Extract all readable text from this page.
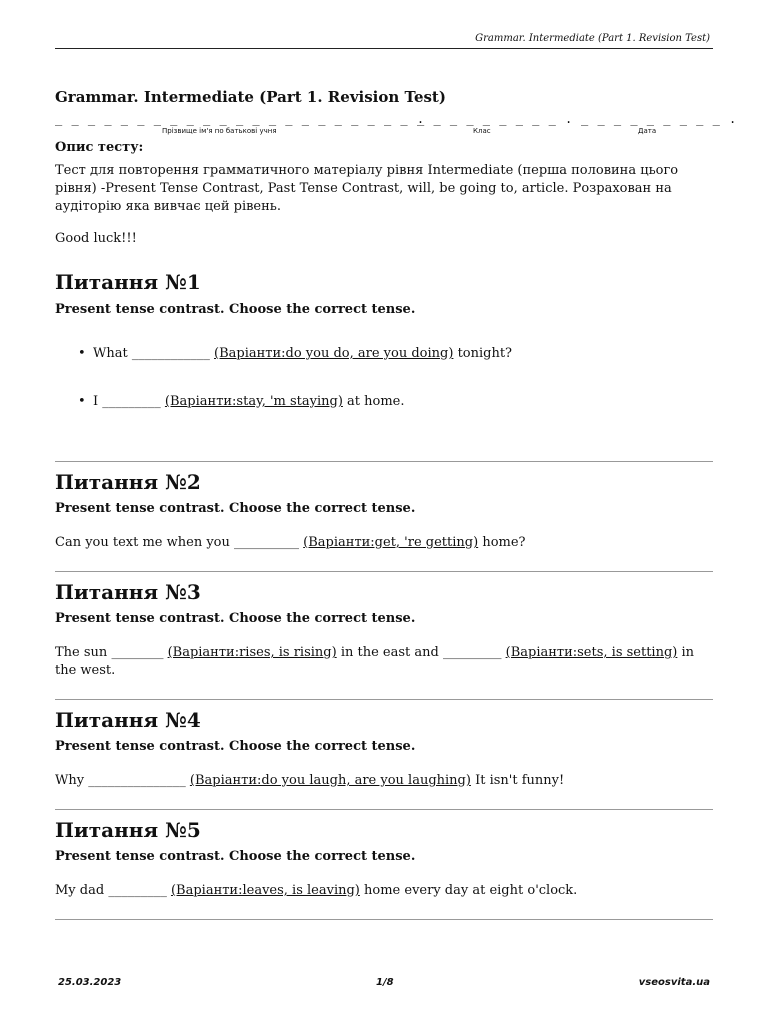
Grammar. Intermediate (Part 1. Revision Test)
Grammar. Intermediate (Part 1. Revision Test)
_ _ _ _ _ _ _ _ _ _ _ _ _ _ _ _ _ _ _ _ _ _ .
_ _ _ _ _ _ _ _ _ . _ _ _ _ _ _ _ _ _ .
Прізвище ім'я по батькові учня	Клас	Дата
Опис тесту:
Тест для повторення грамматичного матеріалу рівня Intermediate (перша половина цього рівня) -Present Tense Contrast, Past Tense Contrast, will, be going to, article. Розрахован на аудіторію яка вивчає цей рівень.
Good luck!!!
Питання №1
Present tense contrast. Choose the correct tense.
• What ____________ (Варіанти:do you do, are you doing) tonight?
• I _________ (Варіанти:stay, 'm staying) at home.
Питання №2
Present tense contrast. Choose the correct tense.
Can you text me when you __________ (Варіанти:get, 're getting) home?
Питання №3
Present tense contrast. Choose the correct tense.
The sun ________ (Варіанти:rises, is rising) in the east and _________ (Варіанти:sets, is setting) in the west.
Питання №4
Present tense contrast. Choose the correct tense.
Why _______________ (Варіанти:do you laugh, are you laughing) It isn't funny!
Питання №5
Present tense contrast. Choose the correct tense.
My dad _________ (Варіанти:leaves, is leaving) home every day at eight o'clock.
25.03.2023	1/8	vseosvita.ua
